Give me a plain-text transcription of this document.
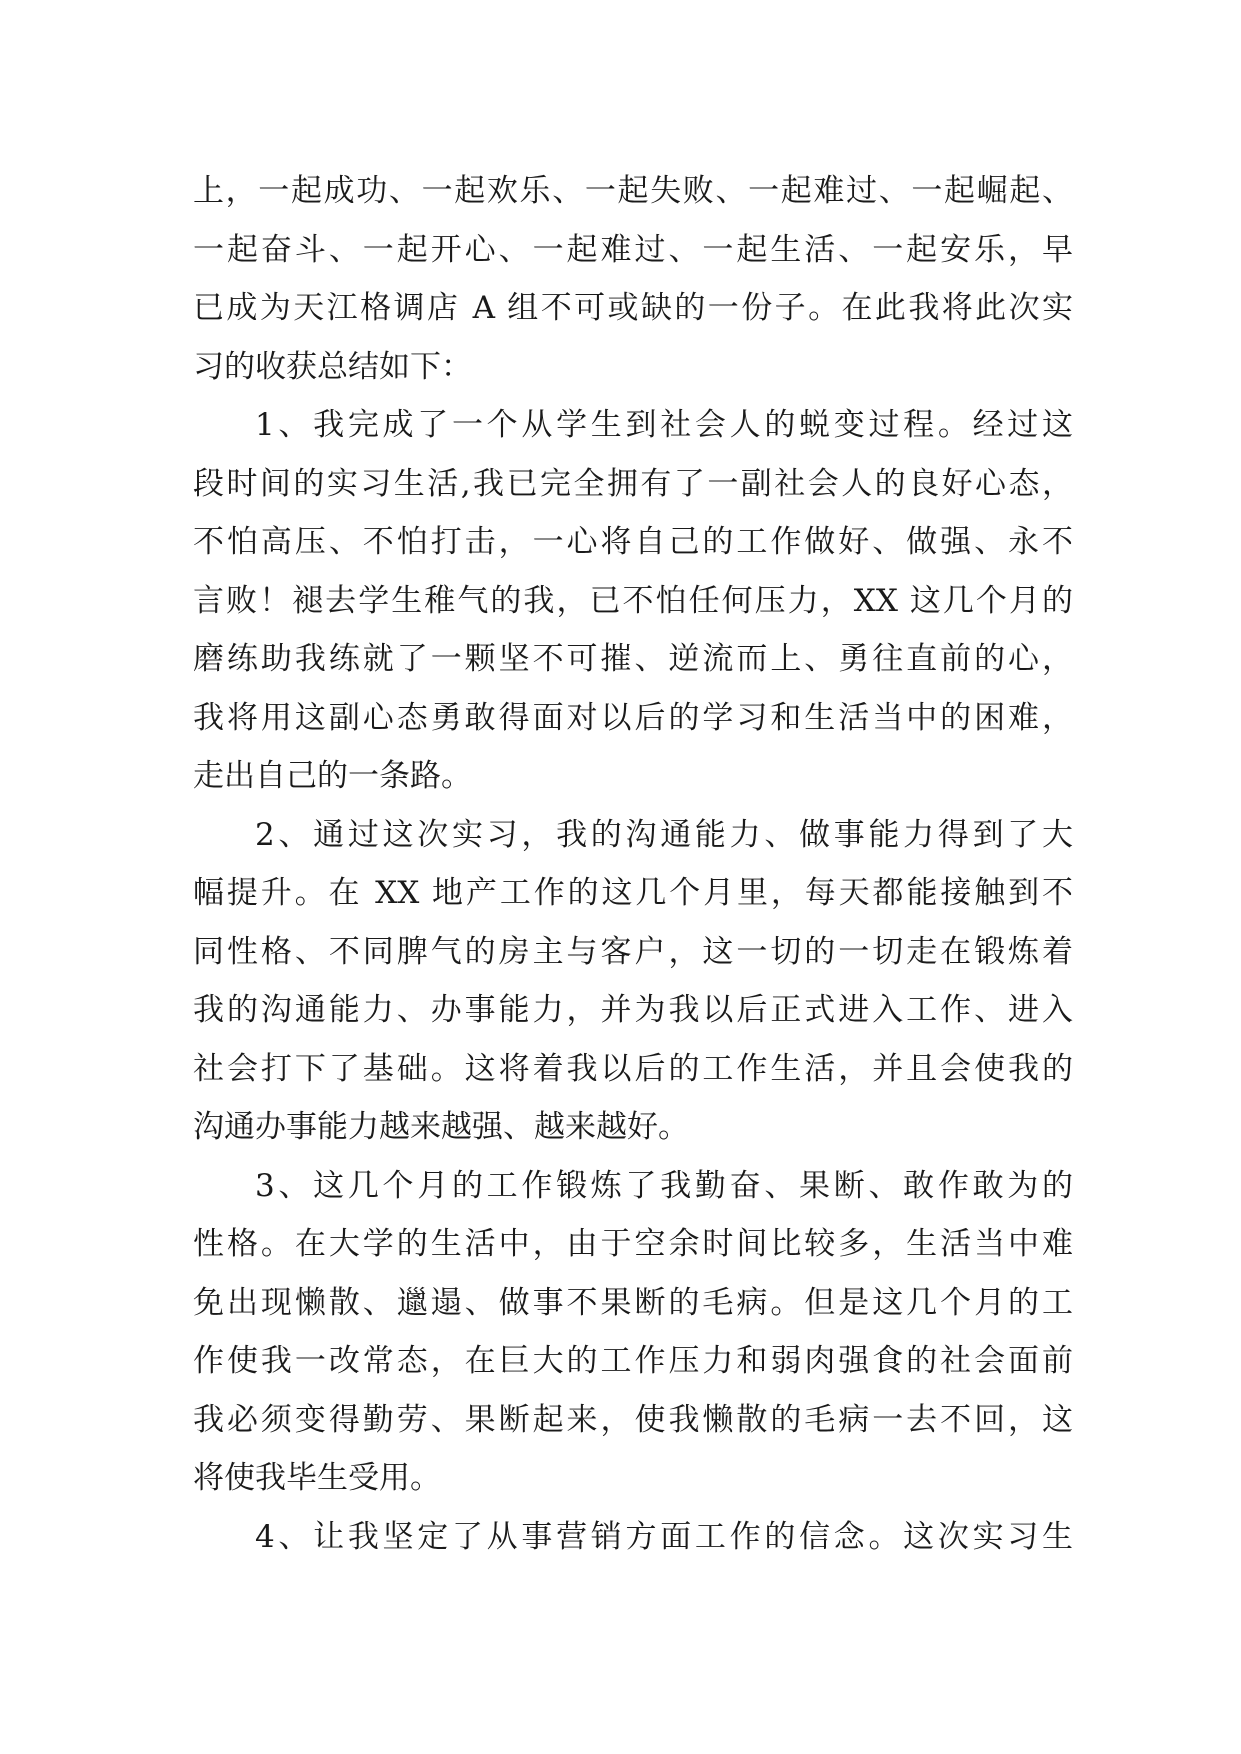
上，一起成功、一起欢乐、一起失败、一起难过、一起崛起、
一起奋斗、一起开心、一起难过、一起生活、一起安乐，早
已成为天江格调店 A 组不可或缺的一份子。在此我将此次实
习的收获总结如下：
1、我完成了一个从学生到社会人的蜕变过程。经过这
段时间的实习生活,我已完全拥有了一副社会人的良好心态，
不怕高压、不怕打击，一心将自己的工作做好、做强、永不
言败！褪去学生稚气的我，已不怕任何压力，XX 这几个月的
磨练助我练就了一颗坚不可摧、逆流而上、勇往直前的心，
我将用这副心态勇敢得面对以后的学习和生活当中的困难，
走出自己的一条路。
2、通过这次实习，我的沟通能力、做事能力得到了大
幅提升。在 XX 地产工作的这几个月里，每天都能接触到不
同性格、不同脾气的房主与客户，这一切的一切走在锻炼着
我的沟通能力、办事能力，并为我以后正式进入工作、进入
社会打下了基础。这将着我以后的工作生活，并且会使我的
沟通办事能力越来越强、越来越好。
3、这几个月的工作锻炼了我勤奋、果断、敢作敢为的
性格。在大学的生活中，由于空余时间比较多，生活当中难
免出现懒散、邋遢、做事不果断的毛病。但是这几个月的工
作使我一改常态，在巨大的工作压力和弱肉强食的社会面前
我必须变得勤劳、果断起来，使我懒散的毛病一去不回，这
将使我毕生受用。
4、让我坚定了从事营销方面工作的信念。这次实习生
